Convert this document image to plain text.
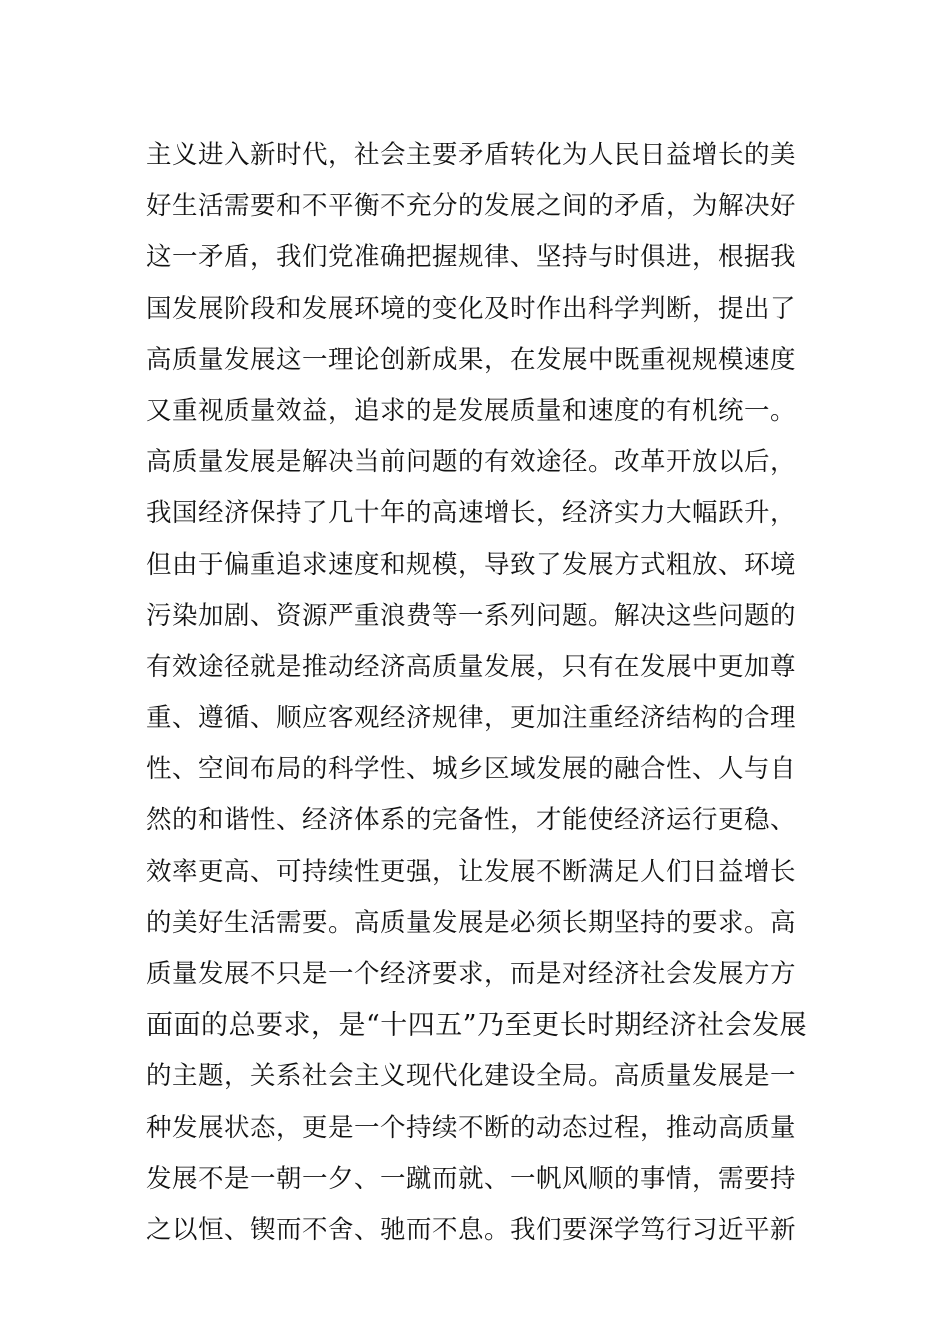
主义进入新时代，社会主要矛盾转化为人民日益增长的美
好生活需要和不平衡不充分的发展之间的矛盾，为解决好
这一矛盾，我们党准确把握规律、坚持与时俱进，根据我
国发展阶段和发展环境的变化及时作出科学判断，提出了
高质量发展这一理论创新成果，在发展中既重视规模速度
又重视质量效益，追求的是发展质量和速度的有机统一。
高质量发展是解决当前问题的有效途径。改革开放以后，
我国经济保持了几十年的高速增长，经济实力大幅跃升，
但由于偏重追求速度和规模，导致了发展方式粗放、环境
污染加剧、资源严重浪费等一系列问题。解决这些问题的
有效途径就是推动经济高质量发展，只有在发展中更加尊
重、遵循、顺应客观经济规律，更加注重经济结构的合理
性、空间布局的科学性、城乡区域发展的融合性、人与自
然的和谐性、经济体系的完备性，才能使经济运行更稳、
效率更高、可持续性更强，让发展不断满足人们日益增长
的美好生活需要。高质量发展是必须长期坚持的要求。高
质量发展不只是一个经济要求，而是对经济社会发展方方
面面的总要求，是“十四五”乃至更长时期经济社会发展
的主题，关系社会主义现代化建设全局。高质量发展是一
种发展状态，更是一个持续不断的动态过程，推动高质量
发展不是一朝一夕、一蹴而就、一帆风顺的事情，需要持
之以恒、锲而不舍、驰而不息。我们要深学笃行习近平新
